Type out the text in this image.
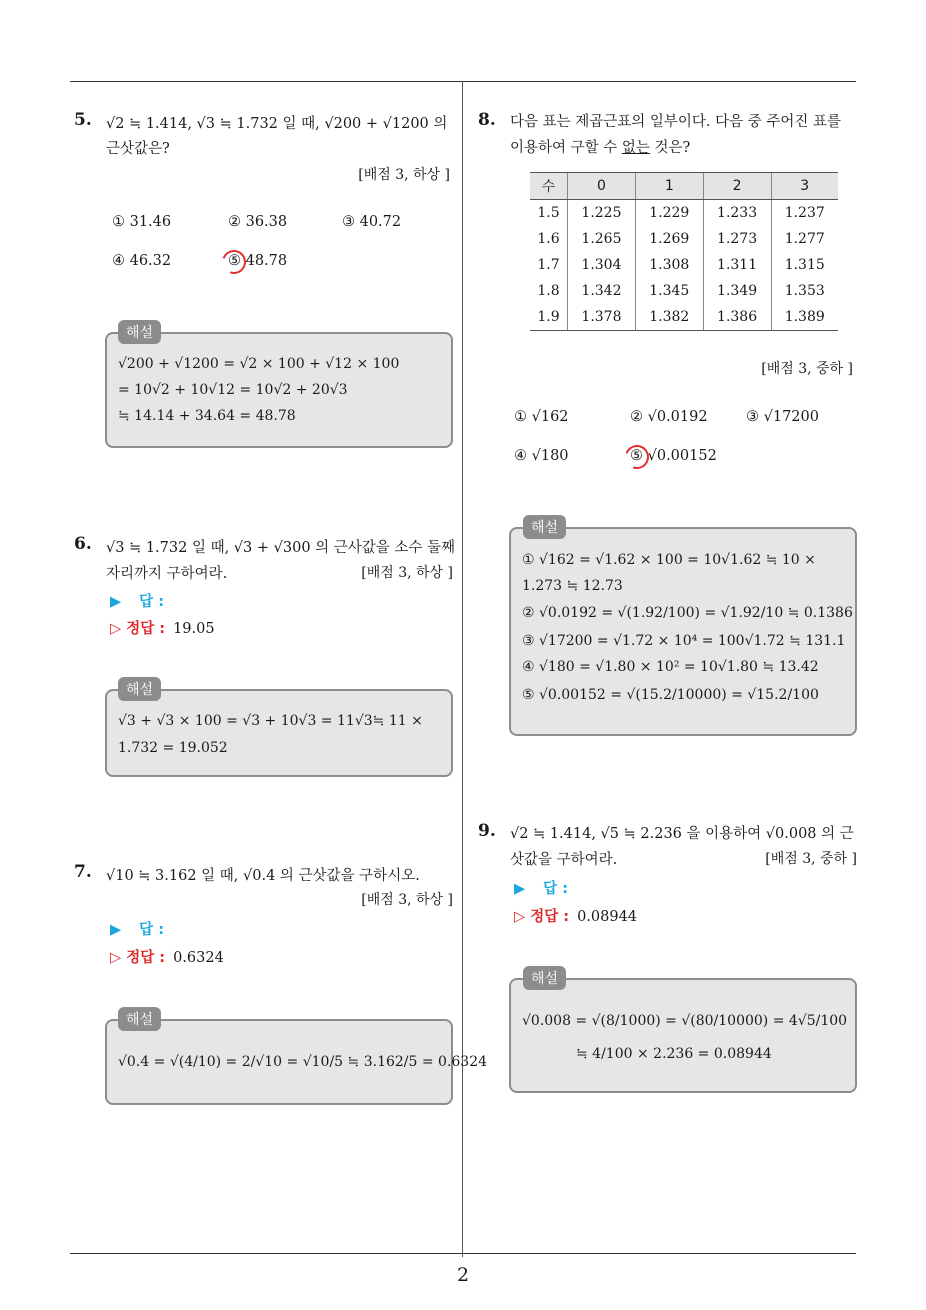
5. √2 ≒ 1.414, √3 ≒ 1.732 일 때, √200 + √1200 의
근삿값은?
[배점 3, 하상 ]
① 31.46	② 36.38	③ 40.72
④ 46.32	⑤ 48.78
해설
√200 + √1200 = √2 × 100 + √12 × 100
= 10√2 + 10√12 = 10√2 + 20√3
≒ 14.14 + 34.64 = 48.78
6. √3 ≒ 1.732 일 때, √3 + √300 의 근사값을 소수 둘째
자리까지 구하여라.	[배점 3, 하상 ]
▶ 답 :
▷ 정답 : 19.05
해설
√3 + √3 × 100 = √3 + 10√3 = 11√3≒ 11 ×
1.732 = 19.052
7. √10 ≒ 3.162 일 때, √0.4 의 근삿값을 구하시오.
[배점 3, 하상 ]
▶ 답 :
▷ 정답 : 0.6324
해설
√0.4 = √(4/10) = 2/√10 = √10/5 ≒ 3.162/5 = 0.6324
8. 다음 표는 제곱근표의 일부이다. 다음 중 주어진 표를
이용하여 구할 수 없는 것은?
수	0	1	2	3
1.5	1.225	1.229	1.233	1.237
1.6	1.265	1.269	1.273	1.277
1.7	1.304	1.308	1.311	1.315
1.8	1.342	1.345	1.349	1.353
1.9	1.378	1.382	1.386	1.389
[배점 3, 중하 ]
① √162	② √0.0192	③ √17200
④ √180	⑤ √0.00152
해설
① √162 = √1.62 × 100 = 10√1.62 ≒ 10 ×
1.273 ≒ 12.73
② √0.0192 = √(1.92/100) = √1.92/10 ≒ 0.1386
③ √17200 = √1.72 × 10⁴ = 100√1.72 ≒ 131.1
④ √180 = √1.80 × 10² = 10√1.80 ≒ 13.42
⑤ √0.00152 = √(15.2/10000) = √15.2/100
9. √2 ≒ 1.414, √5 ≒ 2.236 을 이용하여 √0.008 의 근
삿값을 구하여라.	[배점 3, 중하 ]
▶ 답 :
▷ 정답 : 0.08944
해설
√0.008 = √(8/1000) = √(80/10000) = 4√5/100
≒ 4/100 × 2.236 = 0.08944
2
